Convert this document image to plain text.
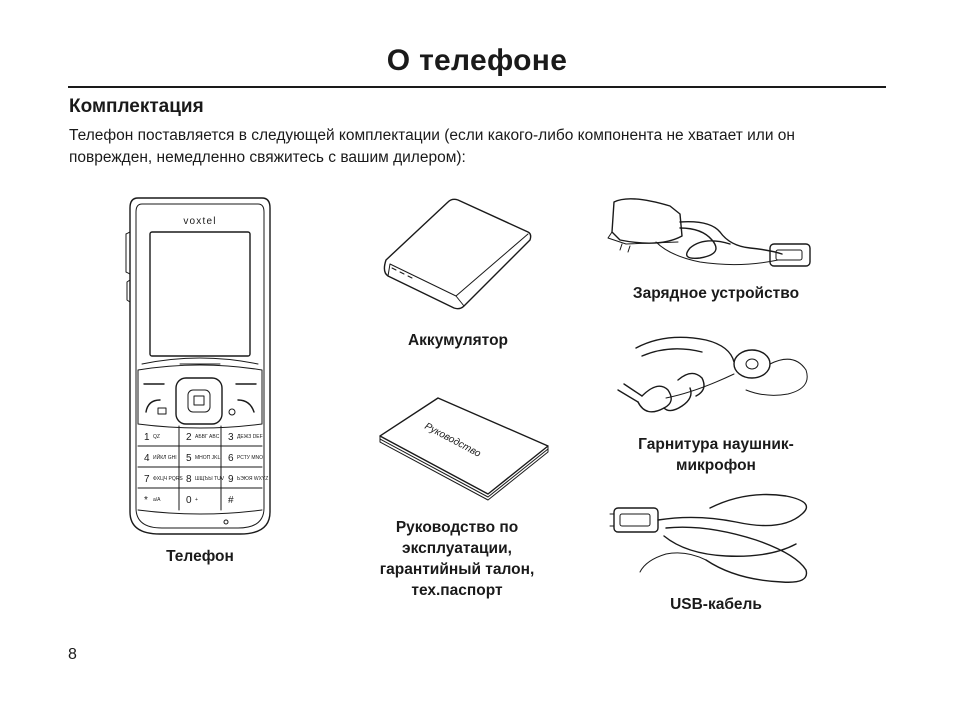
О телефоне
Комплектация
Телефон поставляется в следующей комплектации (если какого-либо компонента не хватает или он поврежден, немедленно свяжитесь с вашим дилером):
voxtel
1 QZ	2 АБВГ ABC 3 ДЕЖЗ DEF
4 ИЙКЛ GHI 5 МНОП JKL 6 РСТУ MNO
7 ФХЦЧ PQRS 8 ШЩЪЫ TUV 9 ЬЭЮЯ WXYZ
* a/A	0 +	#
Телефон
Аккумулятор
Руководство
Руководство по
эксплуатации,
гарантийный талон,
тех.паспорт
Зарядное устройство
Гарнитура наушник-
микрофон
USB-кабель
8
